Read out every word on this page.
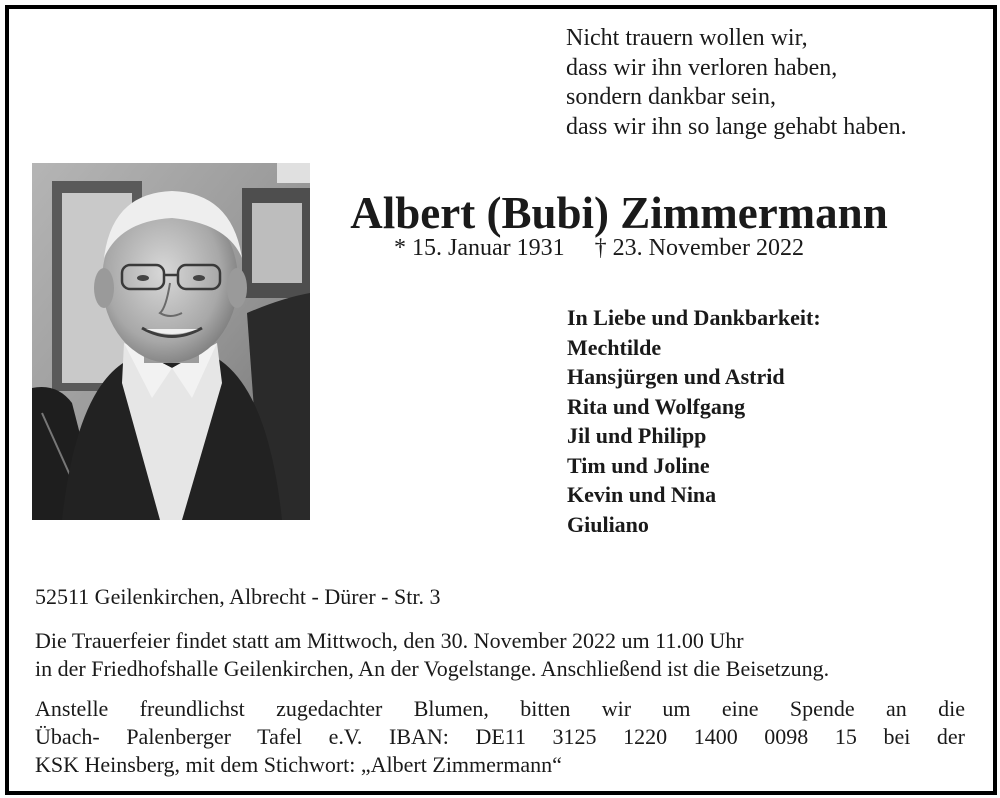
Nicht trauern wollen wir,
dass wir ihn verloren haben,
sondern dankbar sein,
dass wir ihn so lange gehabt haben.
Albert (Bubi) Zimmermann
* 15. Januar 1931 † 23. November 2022
In Liebe und Dankbarkeit:
Mechtilde
Hansjürgen und Astrid
Rita und Wolfgang
Jil und Philipp
Tim und Joline
Kevin und Nina
Giuliano
52511 Geilenkirchen, Albrecht - Dürer - Str. 3
Die Trauerfeier findet statt am Mittwoch, den 30. November 2022 um 11.00 Uhr
in der Friedhofshalle Geilenkirchen, An der Vogelstange. Anschließend ist die Beisetzung.
Anstelle freundlichst zugedachter Blumen, bitten wir um eine Spende an die
Übach- Palenberger Tafel e.V. IBAN: DE11 3125 1220 1400 0098 15 bei der
KSK Heinsberg, mit dem Stichwort: „Albert Zimmermann“
